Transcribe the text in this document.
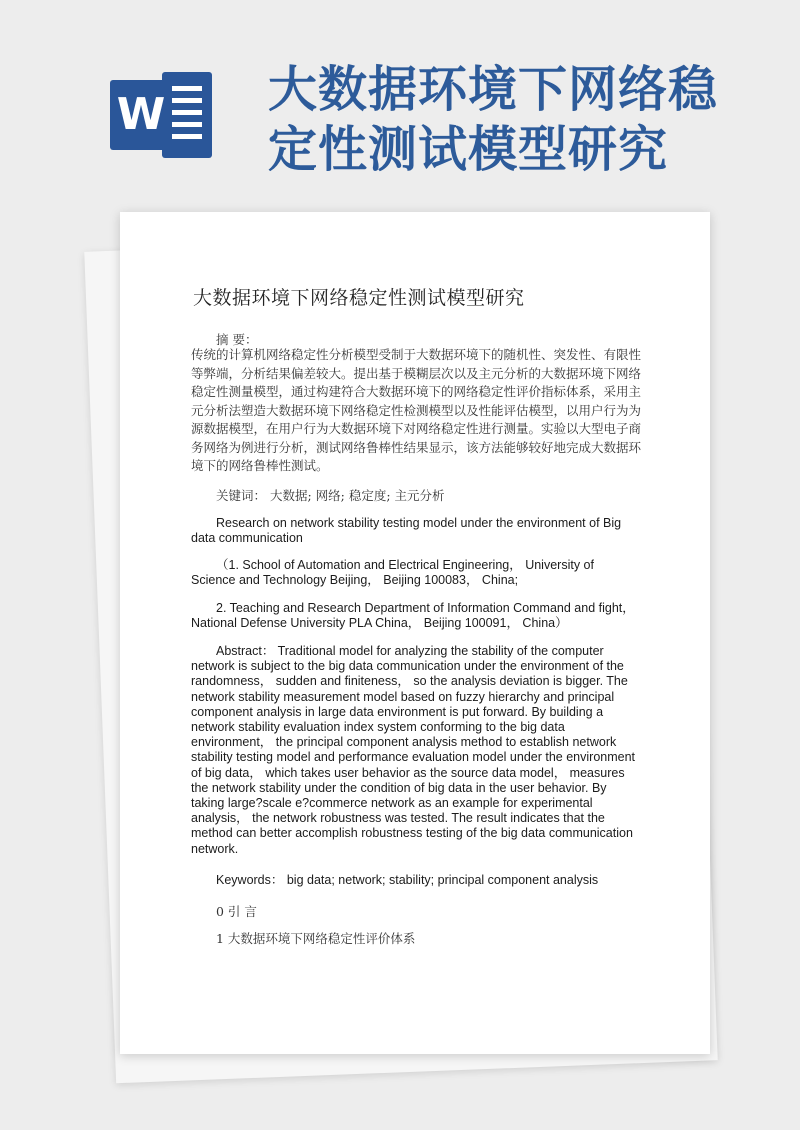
W 大数据环境下网络稳定性测试模型研究
大数据环境下网络稳定性测试模型研究
摘 要：
传统的计算机网络稳定性分析模型受制于大数据环境下的随机性、突发性、有限性等弊端，分析结果偏差较大。提出基于模糊层次以及主元分析的大数据环境下网络稳定性测量模型，通过构建符合大数据环境下的网络稳定性评价指标体系，采用主元分析法塑造大数据环境下网络稳定性检测模型以及性能评估模型，以用户行为为源数据模型，在用户行为大数据环境下对网络稳定性进行测量。实验以大型电子商务网络为例进行分析，测试网络鲁棒性结果显示，该方法能够较好地完成大数据环境下的网络鲁棒性测试。
关键词： 大数据; 网络; 稳定度; 主元分析
Research on network stability testing model under the environment of Big data communication
（1. School of Automation and Electrical Engineering， University of Science and Technology Beijing， Beijing 100083， China;
2. Teaching and Research Department of Information Command and fight， National Defense University PLA China， Beijing 100091， China）
Abstract： Traditional model for analyzing the stability of the computer network is subject to the big data communication under the environment of the randomness， sudden and finiteness， so the analysis deviation is bigger. The network stability measurement model based on fuzzy hierarchy and principal component analysis in large data environment is put forward. By building a network stability evaluation index system conforming to the big data environment， the principal component analysis method to establish network stability testing model and performance evaluation model under the environment of big data， which takes user behavior as the source data model， measures the network stability under the condition of big data in the user behavior. By taking large?scale e?commerce network as an example for experimental analysis， the network robustness was tested. The result indicates that the method can better accomplish robustness testing of the big data communication network.
Keywords： big data; network; stability; principal component analysis
0 引 言
1 大数据环境下网络稳定性评价体系
